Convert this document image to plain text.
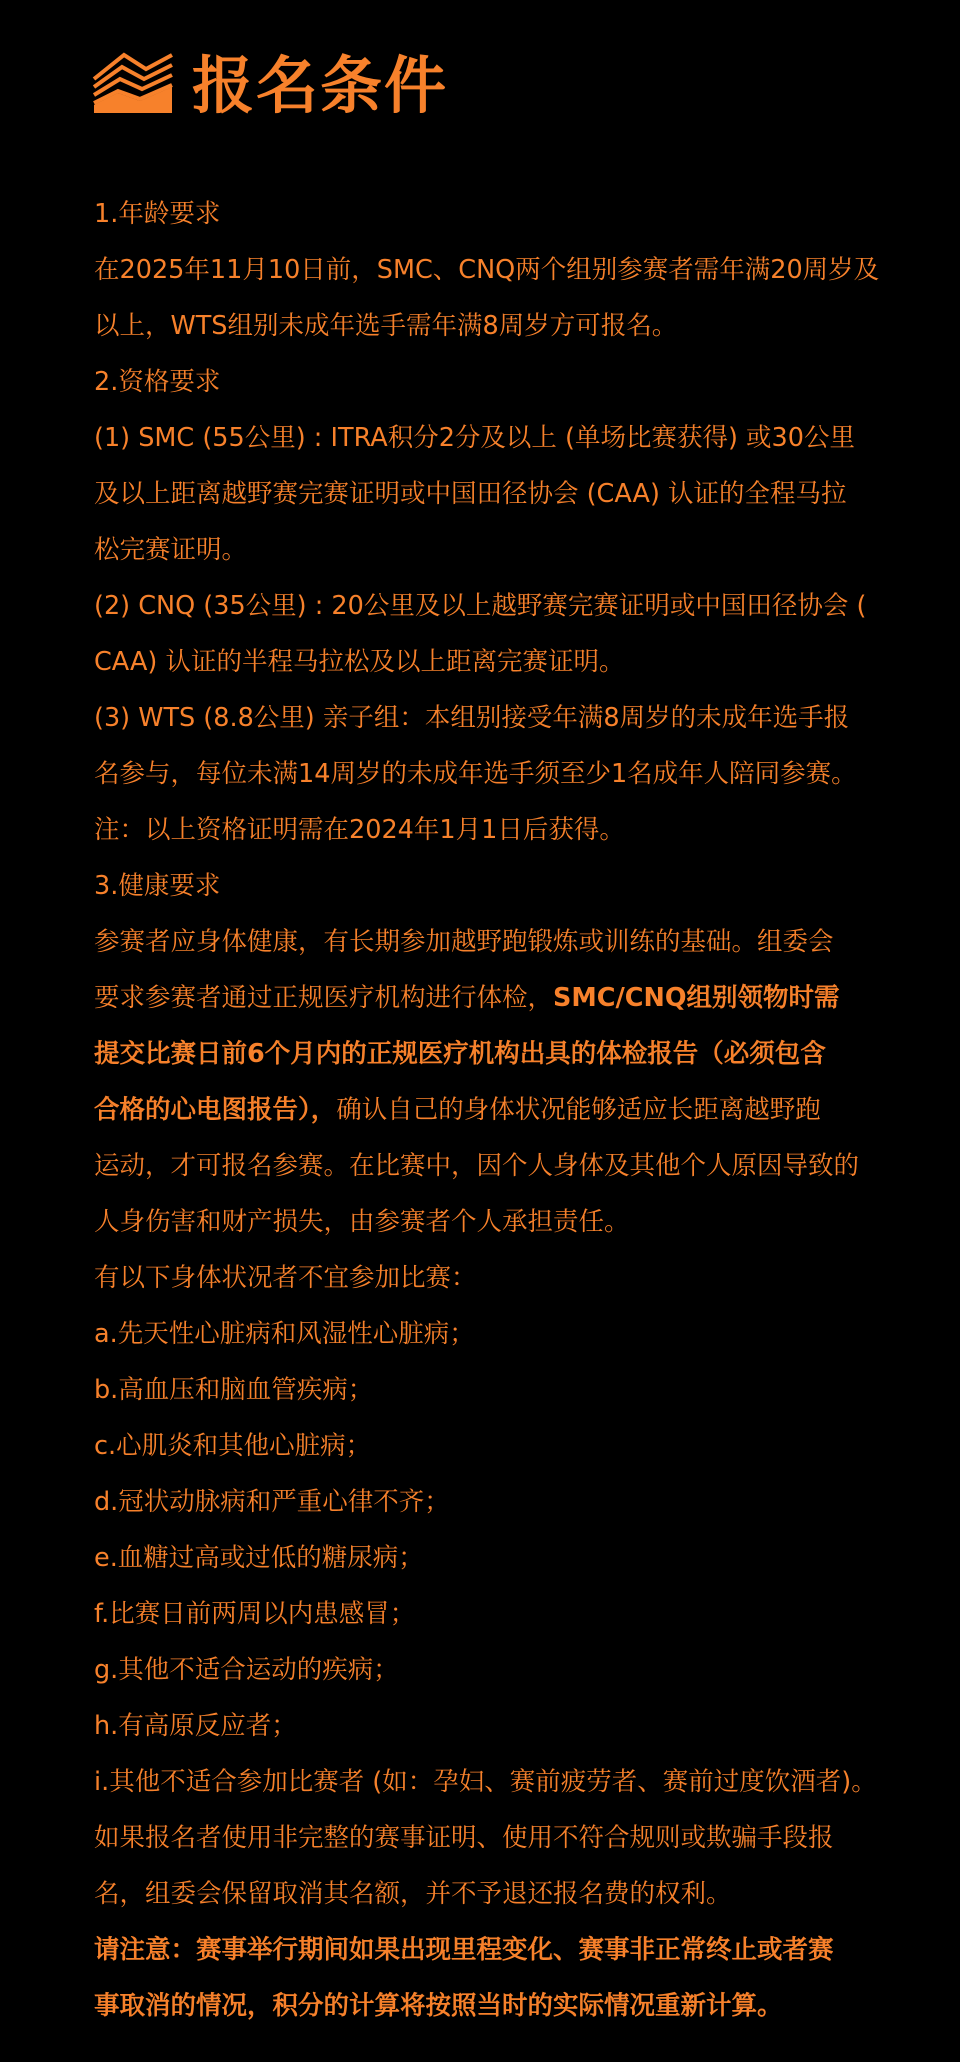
报名条件
1.年龄要求
在2025年11月10日前，SMC、CNQ两个组别参赛者需年满20周岁及
以上，WTS组别未成年选手需年满8周岁方可报名。
2.资格要求
(1) SMC (55公里) : ITRA积分2分及以上 (单场比赛获得) 或30公里
及以上距离越野赛完赛证明或中国田径协会 (CAA) 认证的全程马拉
松完赛证明。
(2) CNQ (35公里) : 20公里及以上越野赛完赛证明或中国田径协会 (
CAA) 认证的半程马拉松及以上距离完赛证明。
(3) WTS (8.8公里) 亲子组：本组别接受年满8周岁的未成年选手报
名参与，每位未满14周岁的未成年选手须至少1名成年人陪同参赛。
注：以上资格证明需在2024年1月1日后获得。
3.健康要求
参赛者应身体健康，有长期参加越野跑锻炼或训练的基础。组委会
要求参赛者通过正规医疗机构进行体检，SMC/CNQ组别领物时需
提交比赛日前6个月内的正规医疗机构出具的体检报告（必须包含
合格的心电图报告），确认自己的身体状况能够适应长距离越野跑
运动，才可报名参赛。在比赛中，因个人身体及其他个人原因导致的
人身伤害和财产损失，由参赛者个人承担责任。
有以下身体状况者不宜参加比赛：
a.先天性心脏病和风湿性心脏病；
b.高血压和脑血管疾病；
c.心肌炎和其他心脏病；
d.冠状动脉病和严重心律不齐；
e.血糖过高或过低的糖尿病；
f.比赛日前两周以内患感冒；
g.其他不适合运动的疾病；
h.有高原反应者；
i.其他不适合参加比赛者 (如：孕妇、赛前疲劳者、赛前过度饮酒者)。
如果报名者使用非完整的赛事证明、使用不符合规则或欺骗手段报
名，组委会保留取消其名额，并不予退还报名费的权利。
请注意：赛事举行期间如果出现里程变化、赛事非正常终止或者赛
事取消的情况，积分的计算将按照当时的实际情况重新计算。
